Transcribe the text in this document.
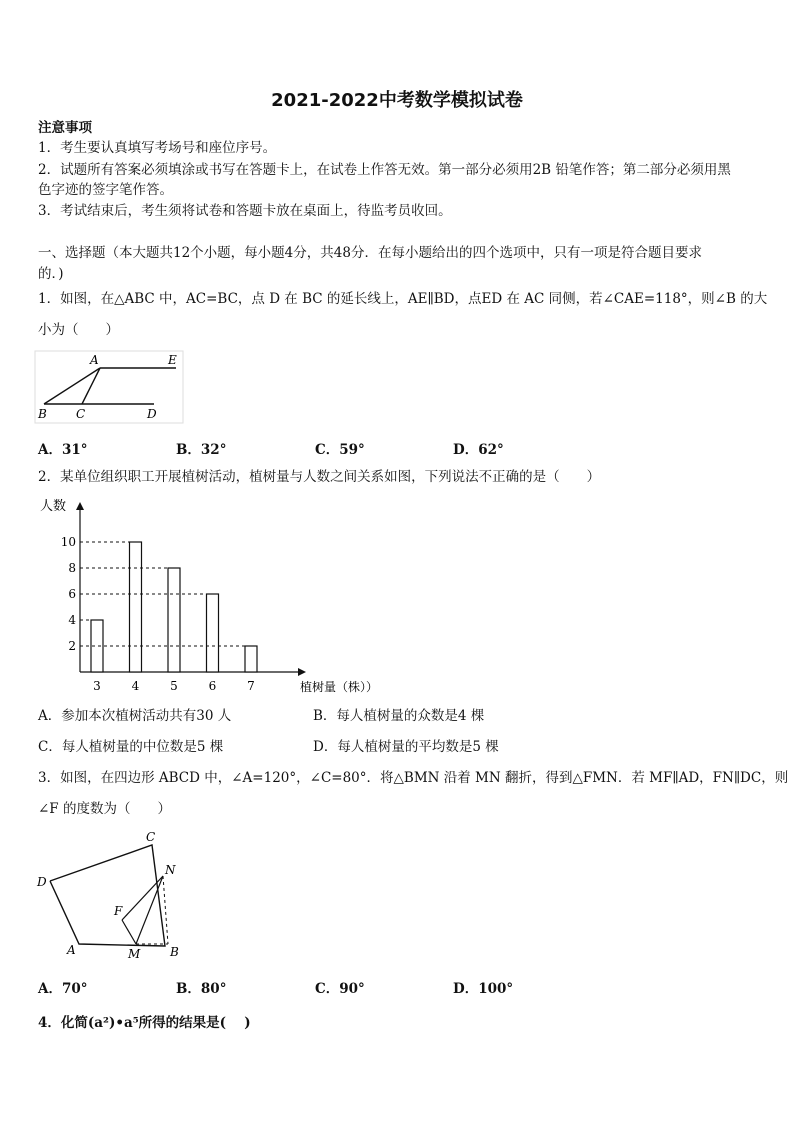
2021-2022中考数学模拟试卷
注意事项
1．考生要认真填写考场号和座位序号。
2．试题所有答案必须填涂或书写在答题卡上，在试卷上作答无效。第一部分必须用2B 铅笔作答；第二部分必须用黑
色字迹的签字笔作答。
3．考试结束后，考生须将试卷和答题卡放在桌面上，待监考员收回。
一、选择题（本大题共12个小题，每小题4分，共48分．在每小题给出的四个选项中，只有一项是符合题目要求
的．)
1．如图，在△ABC 中，AC=BC，点 D 在 BC 的延长线上，AE∥BD，点ED 在 AC 同侧，若∠CAE=118°，则∠B 的大
小为（　　）
A	E
B C	D
A．31°	B．32°	C．59°	D．62°
2．某单位组织职工开展植树活动，植树量与人数之间关系如图，下列说法不正确的是（　　）
人数
植树量（株））
2
4
6
8
10
3	4	5	6	7
A．参加本次植树活动共有30 人	B．每人植树量的众数是4 棵
C．每人植树量的中位数是5 棵	D．每人植树量的平均数是5 棵
3．如图，在四边形 ABCD 中，∠A=120°，∠C=80°．将△BMN 沿着 MN 翻折，得到△FMN．若 MF∥AD，FN∥DC，则
∠F 的度数为（　　）
C
D
F
N
A	M B
A．70°	B．80°	C．90°	D．100°
4．化简(a²)•a⁵所得的结果是(　 )
